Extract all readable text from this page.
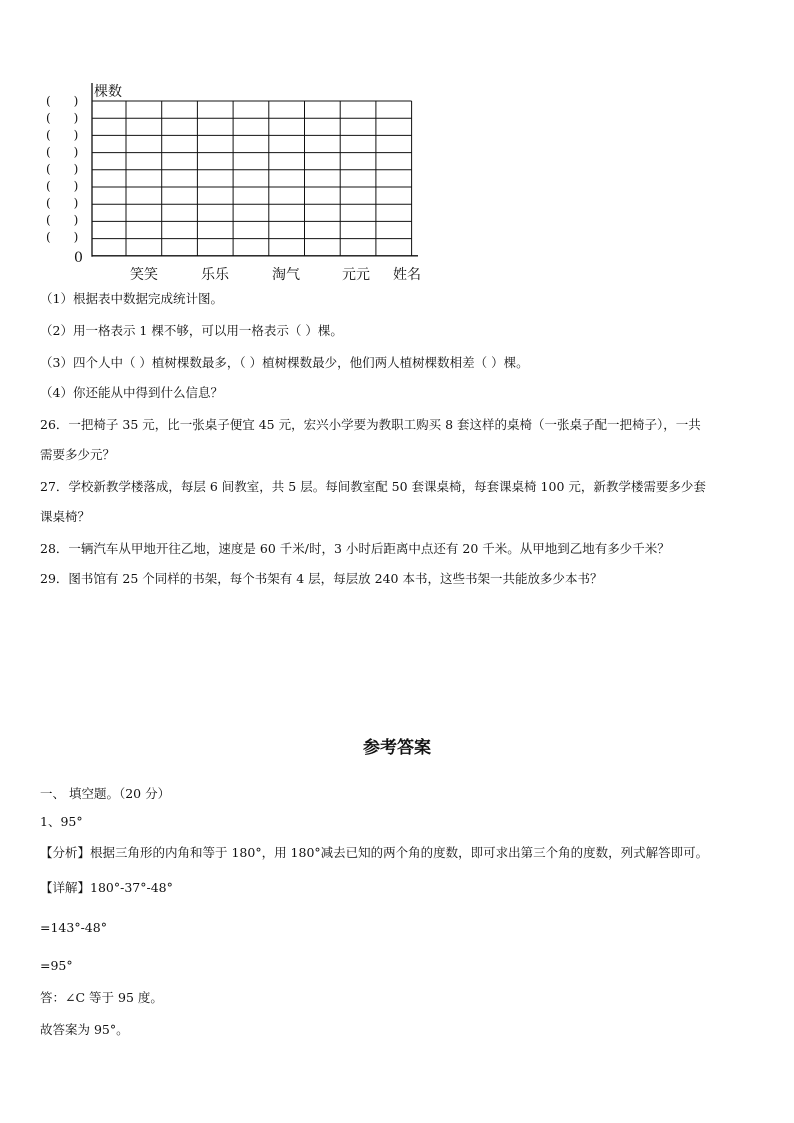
棵数
0
姓名
笑笑	乐乐	淘气	元元
(      )
(      )
(      )
(      )
(      )
(      )
(      )
(      )
(      )
（1）根据表中数据完成统计图。
（2）用一格表示 1 棵不够，可以用一格表示（ ）棵。
（3）四个人中（ ）植树棵数最多，（ ）植树棵数最少，他们两人植树棵数相差（ ）棵。
（4）你还能从中得到什么信息？
26．一把椅子 35 元，比一张桌子便宜 45 元，宏兴小学要为教职工购买 8 套这样的桌椅（一张桌子配一把椅子），一共
需要多少元？
27．学校新教学楼落成，每层 6 间教室，共 5 层。每间教室配 50 套课桌椅，每套课桌椅 100 元，新教学楼需要多少套
课桌椅？
28．一辆汽车从甲地开往乙地，速度是 60 千米/时，3 小时后距离中点还有 20 千米。从甲地到乙地有多少千米？
29．图书馆有 25 个同样的书架，每个书架有 4 层，每层放 240 本书，这些书架一共能放多少本书？
参考答案
一、 填空题。（20 分）
1、95°
【分析】根据三角形的内角和等于 180°，用 180°减去已知的两个角的度数，即可求出第三个角的度数，列式解答即可。
【详解】180°-37°-48°
=143°-48°
=95°
答：∠C 等于 95 度。
故答案为 95°。
